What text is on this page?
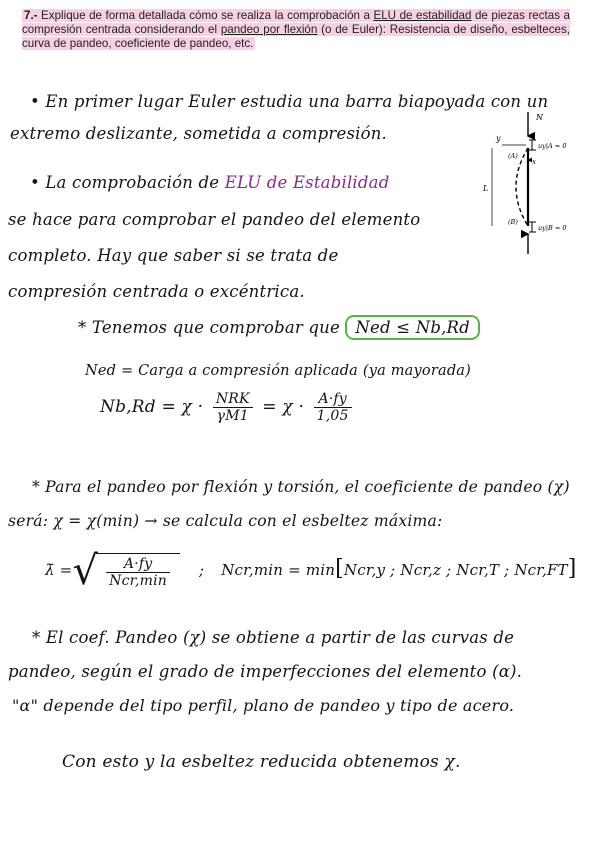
7.- Explique de forma detallada cómo se realiza la comprobación a ELU de estabilidad de piezas rectas a compresión centrada considerando el pandeo por flexión (o de Euler): Resistencia de diseño, esbelteces, curva de pandeo, coeficiente de pandeo, etc.
• En primer lugar Euler estudia una barra biapoyada con un
extremo deslizante, sometida a compresión.
• La comprobación de ELU de Estabilidad
se hace para comprobar el pandeo del elemento
completo. Hay que saber si se trata de
compresión centrada o excéntrica.
* Tenemos que comprobar que Ned ≤ Nb,Rd
Ned = Carga a compresión aplicada (ya mayorada)
$Nb,Rd = \chi \cdot \frac{\text{NRK}}{\gamma M1} = \chi \cdot \frac{A\cdot fy}{1,05}$
* Para el pandeo por flexión y torsión, el coeficiente de pandeo (χ)
será: χ = χ(min) → se calcula con el esbeltez máxima:
λ̄ =√ $\frac{A\cdot fy}{\text{Ncr,min}}$ ; Ncr,min = min[Ncr,y ; Ncr,z ; Ncr,T ; Ncr,FT]
* El coef. Pandeo (χ) se obtiene a partir de las curvas de
pandeo, según el grado de imperfecciones del elemento (α).
"α" depende del tipo perfil, plano de pandeo y tipo de acero.
Con esto y la esbeltez reducida obtenemos χ.
N
y
(A)
uy|A = 0
x
L
(B)
uy|B = 0
